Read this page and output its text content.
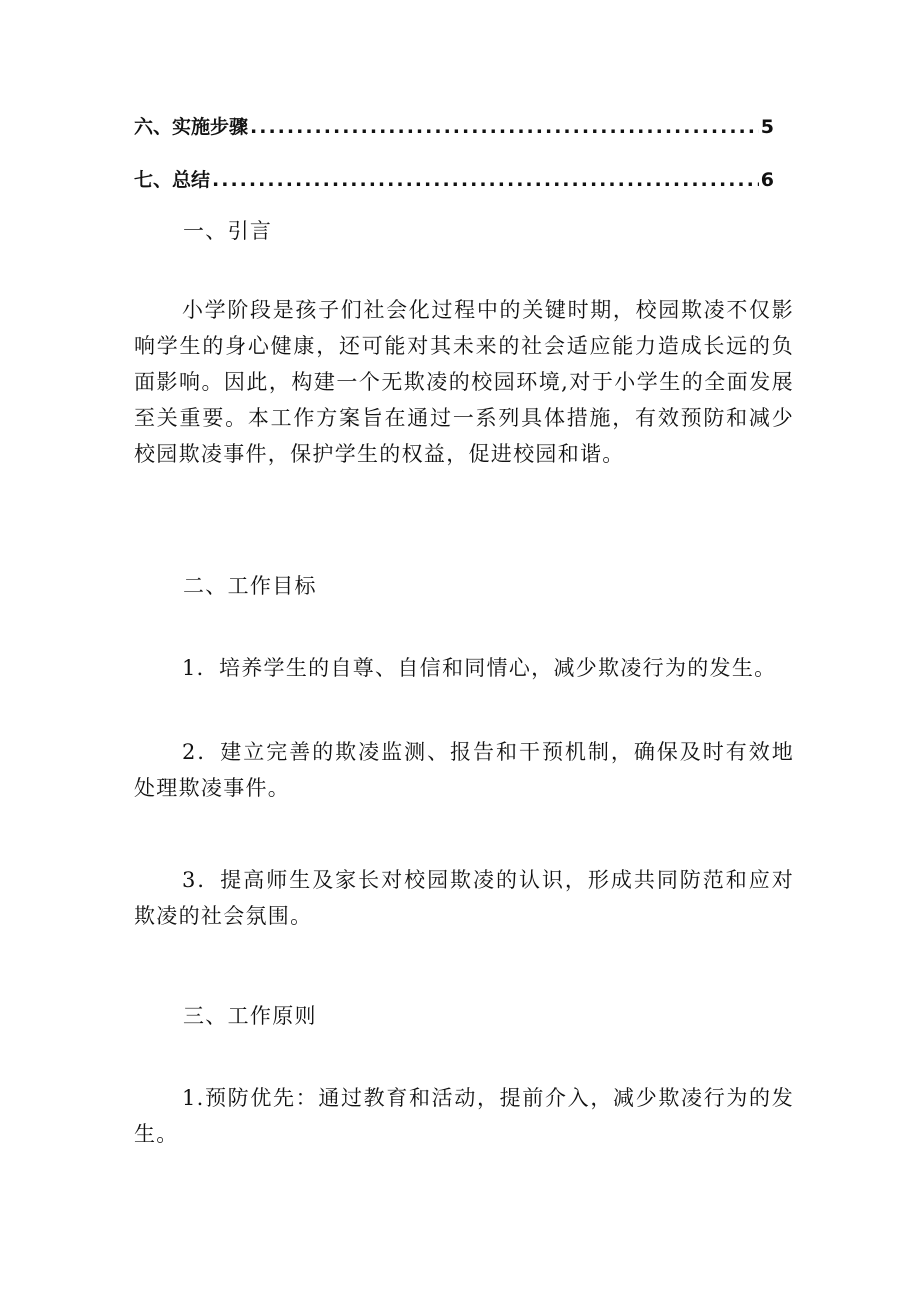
六、实施步骤 .....	5
七、总结 .....	6
一、引言

小学阶段是孩子们社会化过程中的关键时期，校园欺凌不仅影响学生的身心健康，还可能对其未来的社会适应能力造成长远的负面影响。因此，构建一个无欺凌的校园环境,对于小学生的全面发展至关重要。本工作方案旨在通过一系列具体措施，有效预防和减少校园欺凌事件，保护学生的权益，促进校园和谐。

二、工作目标

1．培养学生的自尊、自信和同情心，减少欺凌行为的发生。

2．建立完善的欺凌监测、报告和干预机制，确保及时有效地处理欺凌事件。

3．提高师生及家长对校园欺凌的认识，形成共同防范和应对欺凌的社会氛围。

三、工作原则

1.预防优先：通过教育和活动，提前介入，减少欺凌行为的发生。
